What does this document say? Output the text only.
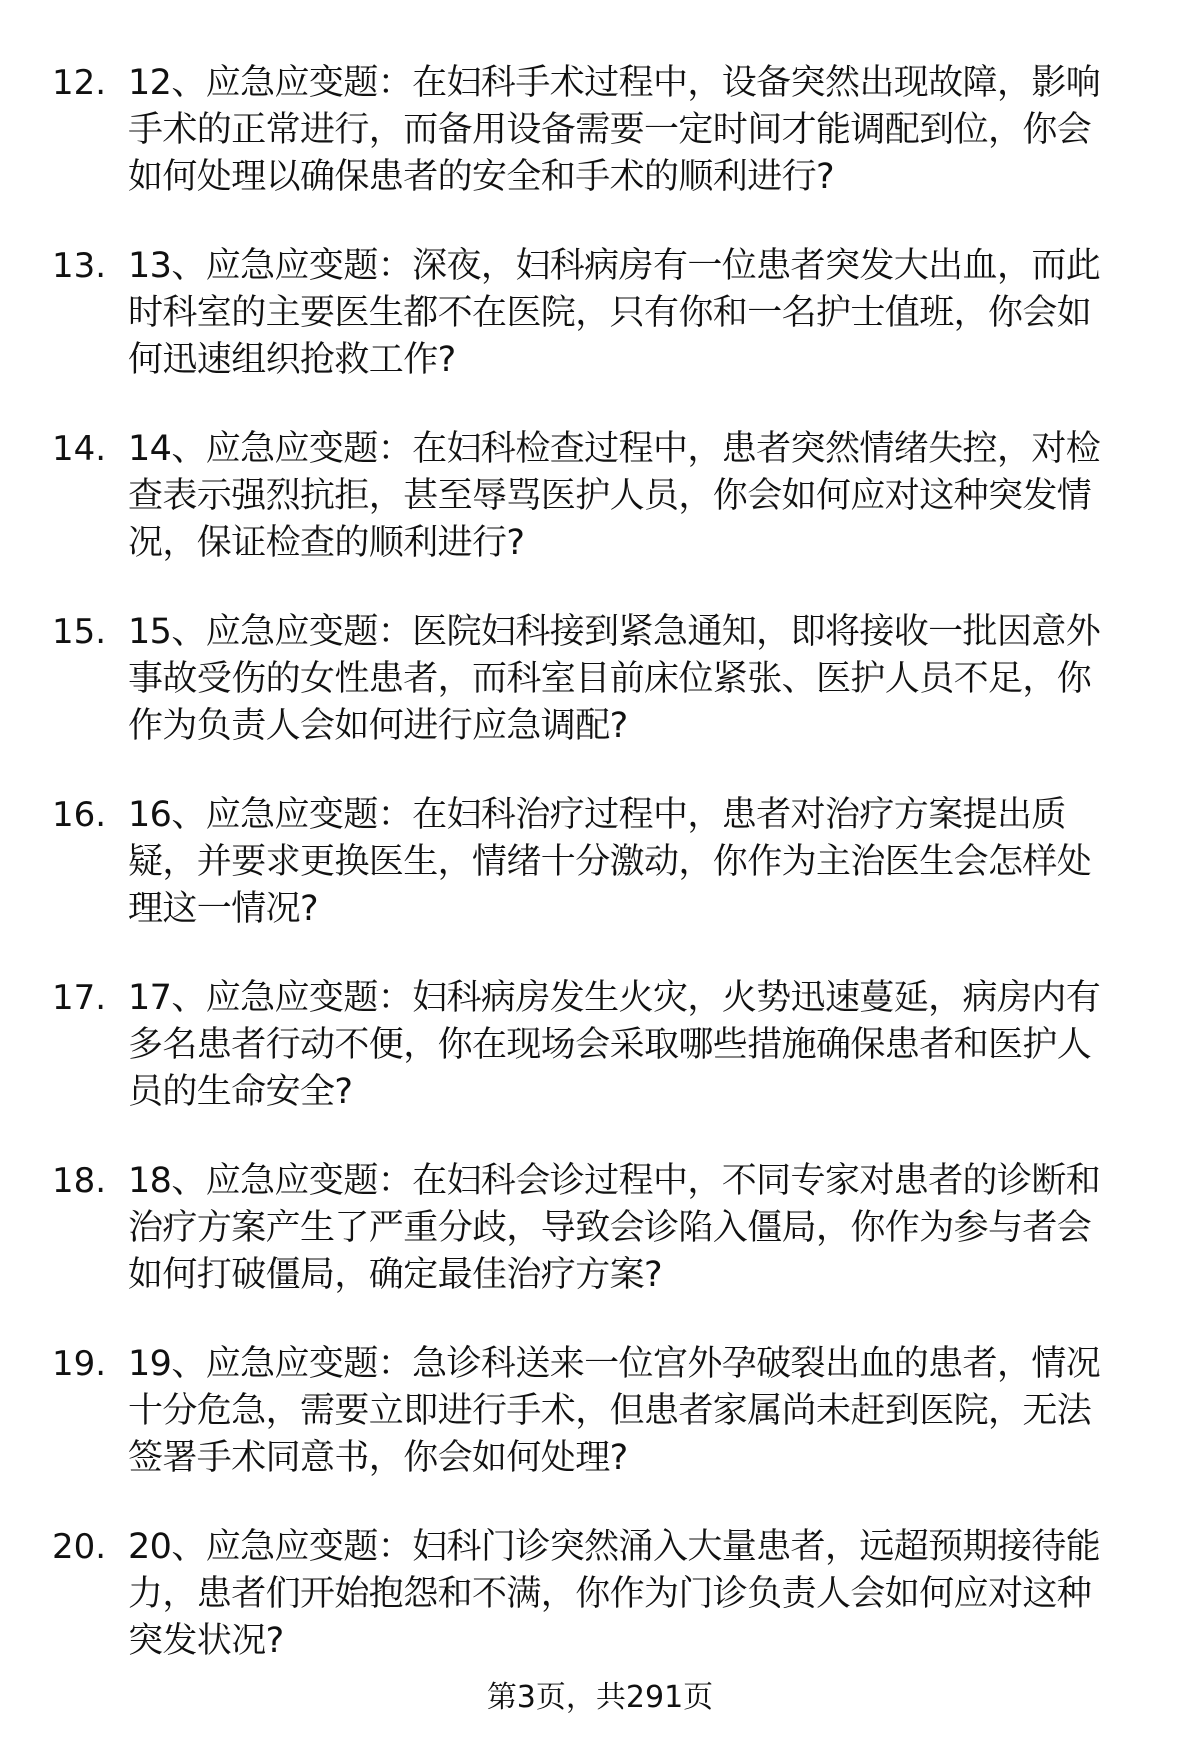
12. 12、应急应变题：在妇科手术过程中，设备突然出现故障，影响
手术的正常进行，而备用设备需要一定时间才能调配到位，你会
如何处理以确保患者的安全和手术的顺利进行?
13. 13、应急应变题：深夜，妇科病房有一位患者突发大出血，而此
时科室的主要医生都不在医院，只有你和一名护士值班，你会如
何迅速组织抢救工作?
14. 14、应急应变题：在妇科检查过程中，患者突然情绪失控，对检
查表示强烈抗拒，甚至辱骂医护人员，你会如何应对这种突发情
况，保证检查的顺利进行?
15. 15、应急应变题：医院妇科接到紧急通知，即将接收一批因意外
事故受伤的女性患者，而科室目前床位紧张、医护人员不足，你
作为负责人会如何进行应急调配?
16. 16、应急应变题：在妇科治疗过程中，患者对治疗方案提出质
疑，并要求更换医生，情绪十分激动，你作为主治医生会怎样处
理这一情况?
17. 17、应急应变题：妇科病房发生火灾，火势迅速蔓延，病房内有
多名患者行动不便，你在现场会采取哪些措施确保患者和医护人
员的生命安全?
18. 18、应急应变题：在妇科会诊过程中，不同专家对患者的诊断和
治疗方案产生了严重分歧，导致会诊陷入僵局，你作为参与者会
如何打破僵局，确定最佳治疗方案?
19. 19、应急应变题：急诊科送来一位宫外孕破裂出血的患者，情况
十分危急，需要立即进行手术，但患者家属尚未赶到医院，无法
签署手术同意书，你会如何处理?
20. 20、应急应变题：妇科门诊突然涌入大量患者，远超预期接待能
力，患者们开始抱怨和不满，你作为门诊负责人会如何应对这种
突发状况?
第3页，共291页
